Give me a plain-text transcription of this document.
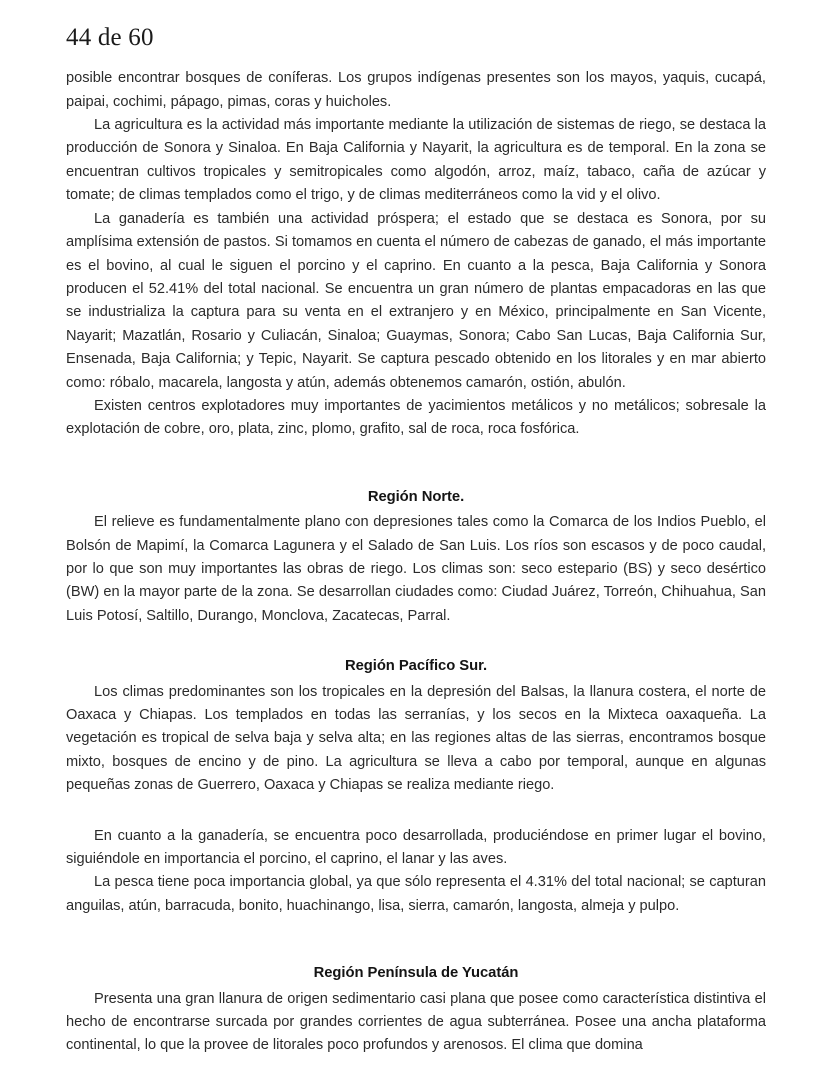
44 de 60

posible encontrar bosques de coníferas. Los grupos indígenas presentes son los mayos, yaquis, cucapá, paipai, cochimi, pápago, pimas, coras y huicholes.

La agricultura es la actividad más importante mediante la utilización de sistemas de riego, se destaca la producción de Sonora y Sinaloa. En Baja California y Nayarit, la agricultura es de temporal. En la zona se encuentran cultivos tropicales y semitropicales como algodón, arroz, maíz, tabaco, caña de azúcar y tomate; de climas templados como el trigo, y de climas mediterráneos como la vid y el olivo.

La ganadería es también una actividad próspera; el estado que se destaca es Sonora, por su amplísima extensión de pastos. Si tomamos en cuenta el número de cabezas de ganado, el más importante es el bovino, al cual le siguen el porcino y el caprino. En cuanto a la pesca, Baja California y Sonora producen el 52.41% del total nacional. Se encuentra un gran número de plantas empacadoras en las que se industrializa la captura para su venta en el extranjero y en México, principalmente en San Vicente, Nayarit; Mazatlán, Rosario y Culiacán, Sinaloa; Guaymas, Sonora; Cabo San Lucas, Baja California Sur, Ensenada, Baja California; y Tepic, Nayarit. Se captura pescado obtenido en los litorales y en mar abierto como: róbalo, macarela, langosta y atún, además obtenemos camarón, ostión, abulón.

Existen centros explotadores muy importantes de yacimientos metálicos y no metálicos; sobresale la explotación de cobre, oro, plata, zinc, plomo, grafito, sal de roca, roca fosfórica.

Región Norte.

El relieve es fundamentalmente plano con depresiones tales como la Comarca de los Indios Pueblo, el Bolsón de Mapimí, la Comarca Lagunera y el Salado de San Luis. Los ríos son escasos y de poco caudal, por lo que son muy importantes las obras de riego. Los climas son: seco estepario (BS) y seco desértico (BW) en la mayor parte de la zona. Se desarrollan ciudades como: Ciudad Juárez, Torreón, Chihuahua, San Luis Potosí, Saltillo, Durango, Monclova, Zacatecas, Parral.

Región Pacífico Sur.

Los climas predominantes son los tropicales en la depresión del Balsas, la llanura costera, el norte de Oaxaca y Chiapas. Los templados en todas las serranías, y los secos en la Mixteca oaxaqueña. La vegetación es tropical de selva baja y selva alta; en las regiones altas de las sierras, encontramos bosque mixto, bosques de encino y de pino. La agricultura se lleva a cabo por temporal, aunque en algunas pequeñas zonas de Guerrero, Oaxaca y Chiapas se realiza mediante riego.

En cuanto a la ganadería, se encuentra poco desarrollada, produciéndose en primer lugar el bovino, siguiéndole en importancia el porcino, el caprino, el lanar y las aves.

La pesca tiene poca importancia global, ya que sólo representa el 4.31% del total nacional; se capturan anguilas, atún, barracuda, bonito, huachinango, lisa, sierra, camarón, langosta, almeja y pulpo.

Región Península de Yucatán

Presenta una gran llanura de origen sedimentario casi plana que posee como característica distintiva el hecho de encontrarse surcada por grandes corrientes de agua subterránea. Posee una ancha plataforma continental, lo que la provee de litorales poco profundos y arenosos. El clima que domina
